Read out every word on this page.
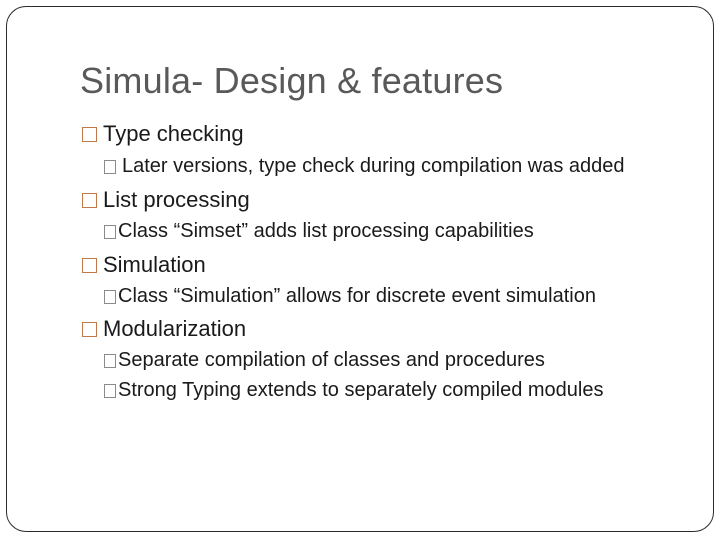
Simula- Design & features
Type checking
Later versions, type check during compilation was added
List processing
Class “Simset” adds list processing capabilities
Simulation
Class “Simulation” allows for discrete event simulation
Modularization
Separate compilation of classes and procedures
Strong Typing extends to separately compiled modules
